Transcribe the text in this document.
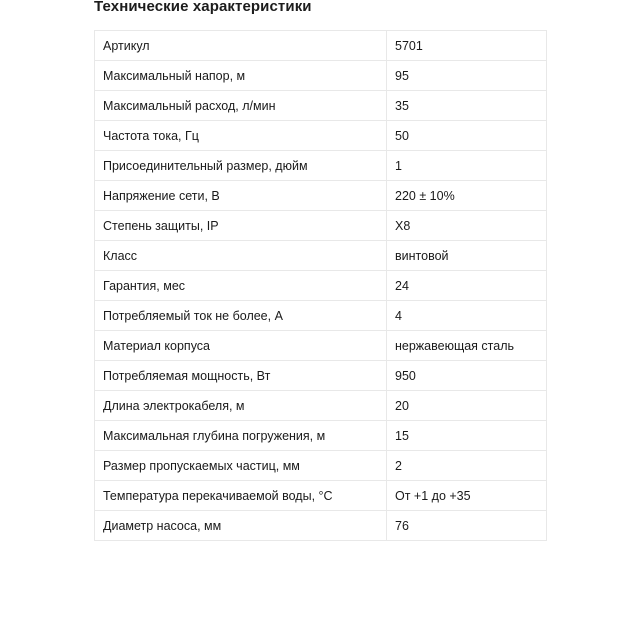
Технические характеристики
Артикул	5701
Максимальный напор, м	95
Максимальный расход, л/мин	35
Частота тока, Гц	50
Присоединительный размер, дюйм	1
Напряжение сети, В	220 ± 10%
Степень защиты, IP	X8
Класс	винтовой
Гарантия, мес	24
Потребляемый ток не более, А	4
Материал корпуса	нержавеющая сталь
Потребляемая мощность, Вт	950
Длина электрокабеля, м	20
Максимальная глубина погружения, м	15
Размер пропускаемых частиц, мм	2
Температура перекачиваемой воды, °С	От +1 до +35
Диаметр насоса, мм	76
